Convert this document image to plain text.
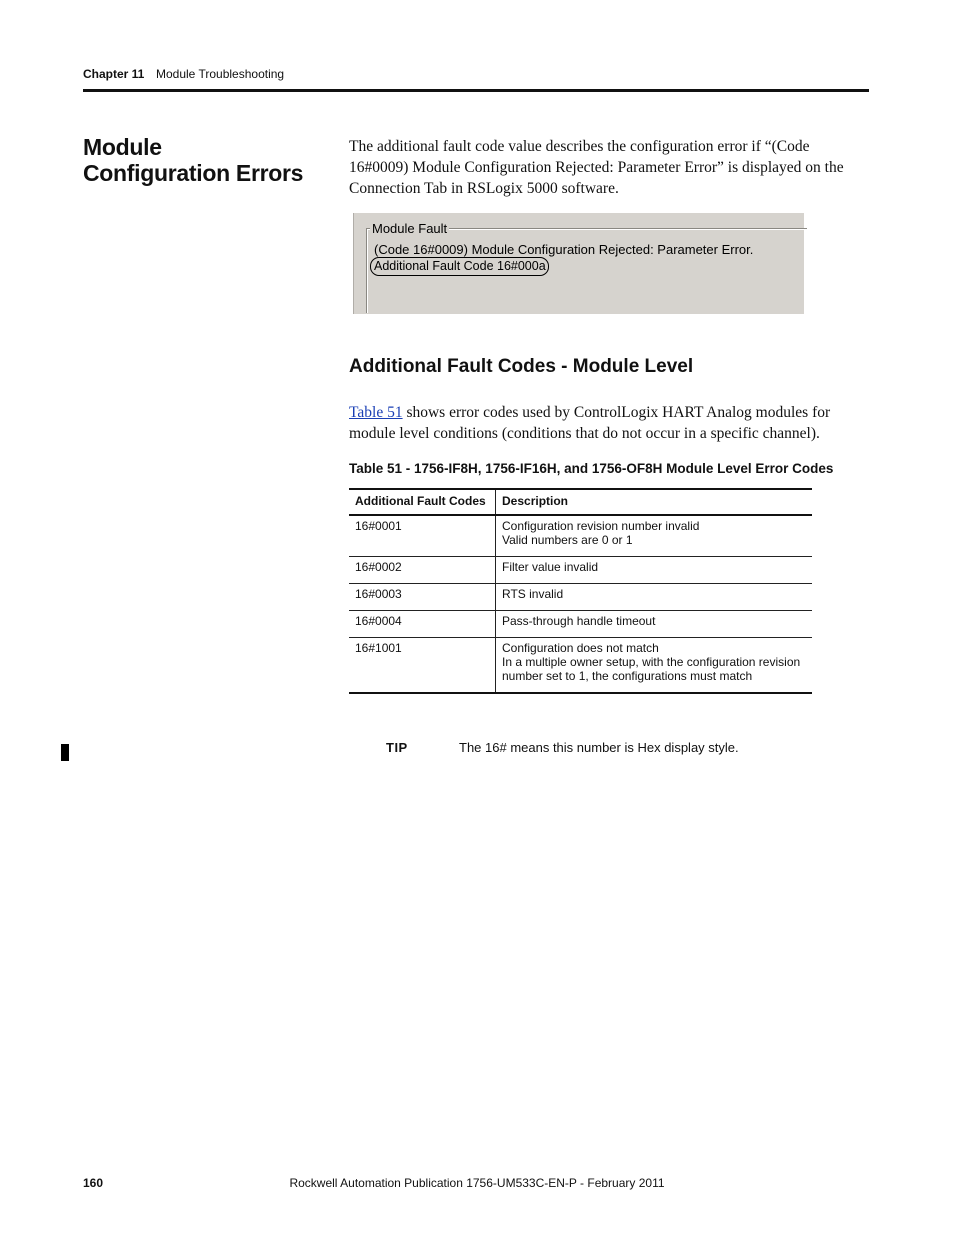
Chapter 11 Module Troubleshooting
Module Configuration Errors
The additional fault code value describes the configuration error if “(Code 16#0009) Module Configuration Rejected: Parameter Error” is displayed on the Connection Tab in RSLogix 5000 software.
Module Fault
(Code 16#0009) Module Configuration Rejected: Parameter Error.
Additional Fault Code 16#000a
Additional Fault Codes - Module Level
Table 51 shows error codes used by ControlLogix HART Analog modules for module level conditions (conditions that do not occur in a specific channel).
Table 51 - 1756-IF8H, 1756-IF16H, and 1756-OF8H Module Level Error Codes
Additional Fault Codes	Description
16#0001	Configuration revision number invalid
Valid numbers are 0 or 1

16#0002	Filter value invalid

16#0003	RTS invalid

16#0004	Pass-through handle timeout

16#1001	Configuration does not match
In a multiple owner setup, with the configuration revision number set to 1, the configurations must match
TIP	The 16# means this number is Hex display style.
160	Rockwell Automation Publication 1756-UM533C-EN-P - February 2011
